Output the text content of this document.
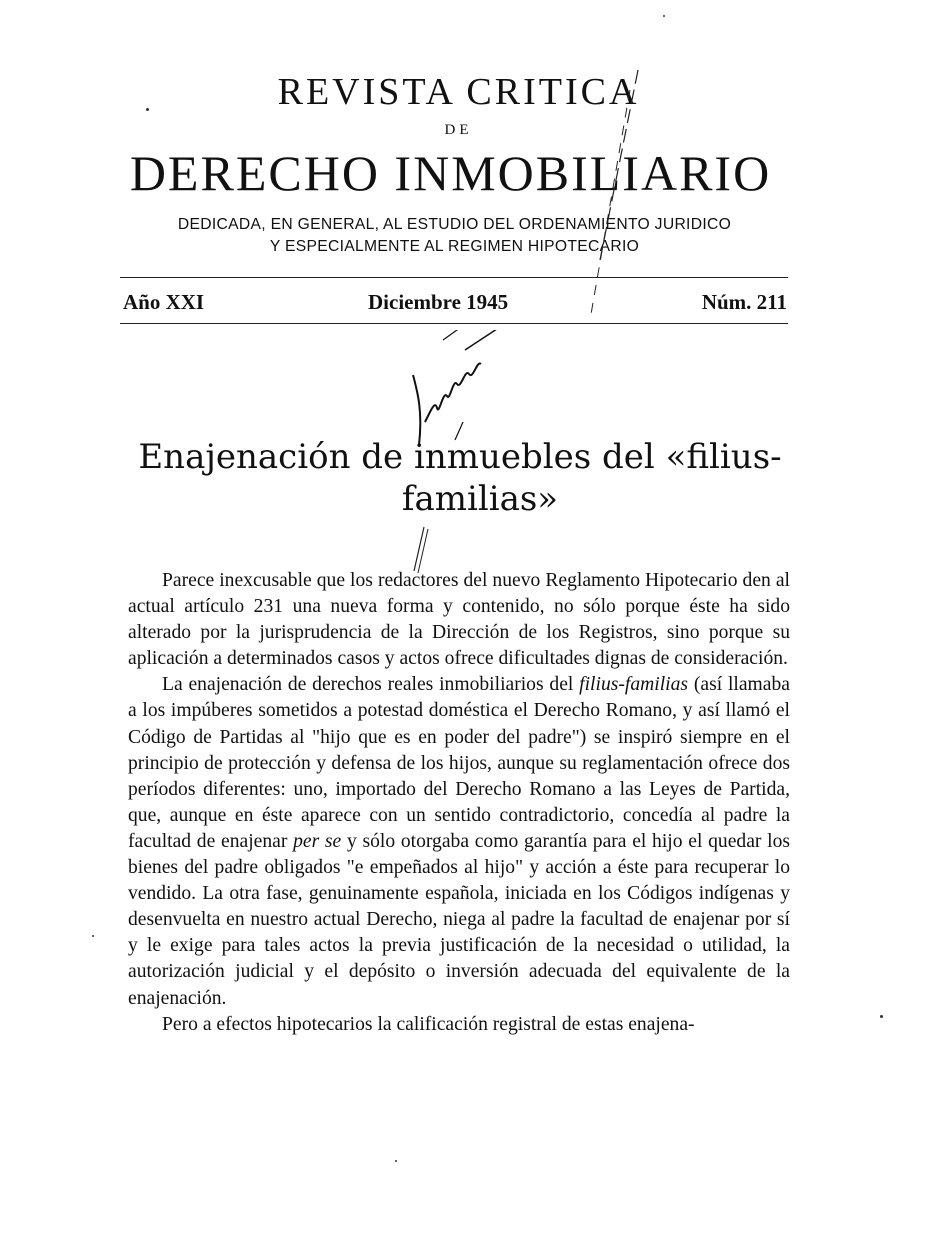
REVISTA CRITICA
DE
DERECHO INMOBILIARIO
DEDICADA, EN GENERAL, AL ESTUDIO DEL ORDENAMIENTO JURIDICO
Y ESPECIALMENTE AL REGIMEN HIPOTECARIO
Año XXI	Diciembre 1945	Núm. 211
Enajenación de inmuebles del «filius-
familias»

Parece inexcusable que los redactores del nuevo Reglamento Hipotecario den al actual artículo 231 una nueva forma y contenido, no sólo porque éste ha sido alterado por la jurisprudencia de la Dirección de los Registros, sino porque su aplicación a determinados casos y actos ofrece dificultades dignas de consideración.

La enajenación de derechos reales inmobiliarios del filius-familias (así llamaba a los impúberes sometidos a potestad doméstica el Derecho Romano, y así llamó el Código de Partidas al "hijo que es en poder del padre") se inspiró siempre en el principio de protección y defensa de los hijos, aunque su reglamentación ofrece dos períodos diferentes: uno, importado del Derecho Romano a las Leyes de Partida, que, aunque en éste aparece con un sentido contradictorio, concedía al padre la facultad de enajenar per se y sólo otorgaba como garantía para el hijo el quedar los bienes del padre obligados "e empeñados al hijo" y acción a éste para recuperar lo vendido. La otra fase, genuinamente española, iniciada en los Códigos indígenas y desenvuelta en nuestro actual Derecho, niega al padre la facultad de enajenar por sí y le exige para tales actos la previa justificación de la necesidad o utilidad, la autorización judicial y el depósito o inversión adecuada del equivalente de la enajenación.

Pero a efectos hipotecarios la calificación registral de estas enajena-
